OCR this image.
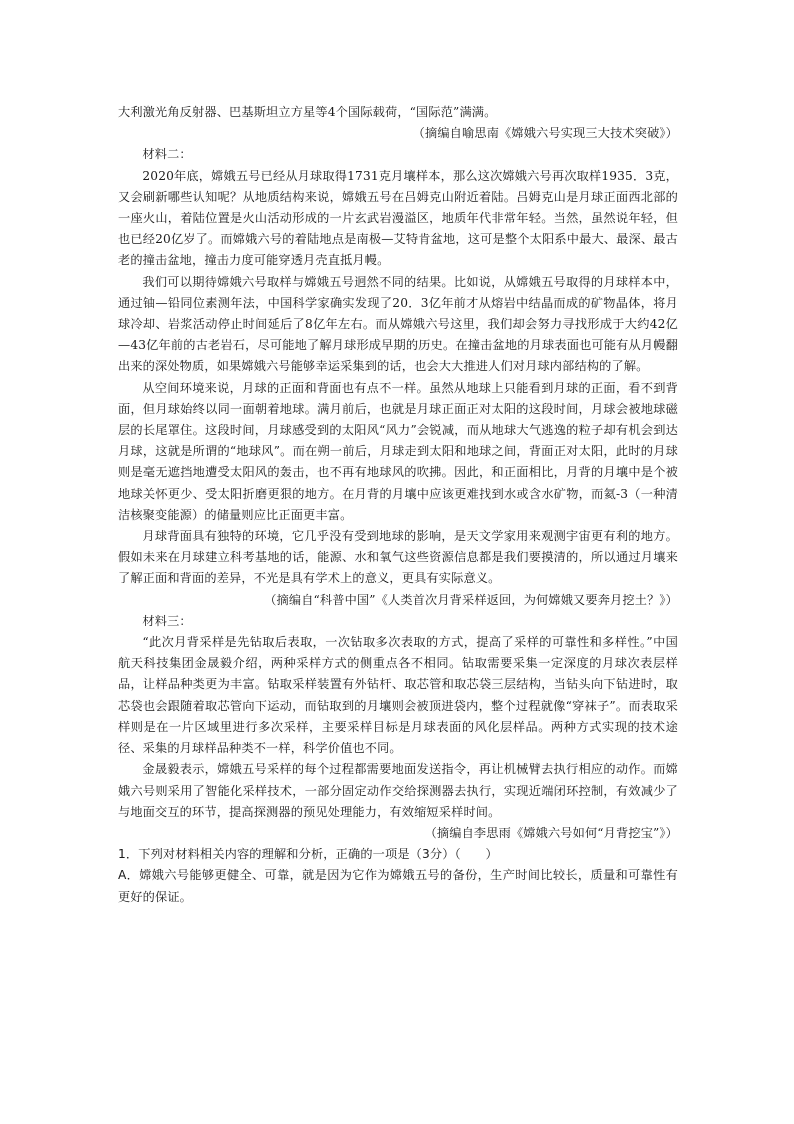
大利激光角反射器、巴基斯坦立方星等4个国际载荷，“国际范”满满。

（摘编自喻思南《嫦娥六号实现三大技术突破》）

材料二：

2020年底，嫦娥五号已经从月球取得1731克月壤样本，那么这次嫦娥六号再次取样1935．3克，又会刷新哪些认知呢？从地质结构来说，嫦娥五号在吕姆克山附近着陆。吕姆克山是月球正面西北部的一座火山，着陆位置是火山活动形成的一片玄武岩漫溢区，地质年代非常年轻。当然，虽然说年轻，但也已经20亿岁了。而嫦娥六号的着陆地点是南极—艾特肯盆地，这可是整个太阳系中最大、最深、最古老的撞击盆地，撞击力度可能穿透月壳直抵月幔。

我们可以期待嫦娥六号取样与嫦娥五号迥然不同的结果。比如说，从嫦娥五号取得的月球样本中，通过铀—铅同位素测年法，中国科学家确实发现了20．3亿年前才从熔岩中结晶而成的矿物晶体，将月球冷却、岩浆活动停止时间延后了8亿年左右。而从嫦娥六号这里，我们却会努力寻找形成于大约42亿—43亿年前的古老岩石，尽可能地了解月球形成早期的历史。在撞击盆地的月球表面也可能有从月幔翻出来的深处物质，如果嫦娥六号能够幸运采集到的话，也会大大推进人们对月球内部结构的了解。

从空间环境来说，月球的正面和背面也有点不一样。虽然从地球上只能看到月球的正面，看不到背面，但月球始终以同一面朝着地球。满月前后，也就是月球正面正对太阳的这段时间，月球会被地球磁层的长尾罩住。这段时间，月球感受到的太阳风“风力”会锐减，而从地球大气逃逸的粒子却有机会到达月球，这就是所谓的“地球风”。而在朔一前后，月球走到太阳和地球之间，背面正对太阳，此时的月球则是毫无遮挡地遭受太阳风的轰击，也不再有地球风的吹拂。因此，和正面相比，月背的月壤中是个被地球关怀更少、受太阳折磨更狠的地方。在月背的月壤中应该更难找到水或含水矿物，而氦-3（一种清洁核聚变能源）的储量则应比正面更丰富。

月球背面具有独特的环境，它几乎没有受到地球的影响，是天文学家用来观测宇宙更有利的地方。假如未来在月球建立科考基地的话，能源、水和氧气这些资源信息都是我们要摸清的，所以通过月壤来了解正面和背面的差异，不光是具有学术上的意义，更具有实际意义。

（摘编自“科普中国”《人类首次月背采样返回，为何嫦娥又要奔月挖土？》）

材料三：

“此次月背采样是先钻取后表取，一次钻取多次表取的方式，提高了采样的可靠性和多样性。”中国航天科技集团金晟毅介绍，两种采样方式的侧重点各不相同。钻取需要采集一定深度的月球次表层样品，让样品种类更为丰富。钻取采样装置有外钻杆、取芯管和取芯袋三层结构，当钻头向下钻进时，取芯袋也会跟随着取芯管向下运动，而钻取到的月壤则会被顶进袋内，整个过程就像“穿袜子”。而表取采样则是在一片区域里进行多次采样，主要采样目标是月球表面的风化层样品。两种方式实现的技术途径、采集的月球样品种类不一样，科学价值也不同。

金晟毅表示，嫦娥五号采样的每个过程都需要地面发送指令，再让机械臂去执行相应的动作。而嫦娥六号则采用了智能化采样技术，一部分固定动作交给探测器去执行，实现近端闭环控制，有效减少了与地面交互的环节，提高探测器的预见处理能力，有效缩短采样时间。

（摘编自李思雨《嫦娥六号如何“月背挖宝”》）

1．下列对材料相关内容的理解和分析，正确的一项是（3分）（　　）

A．嫦娥六号能够更健全、可靠，就是因为它作为嫦娥五号的备份，生产时间比较长，质量和可靠性有更好的保证。
